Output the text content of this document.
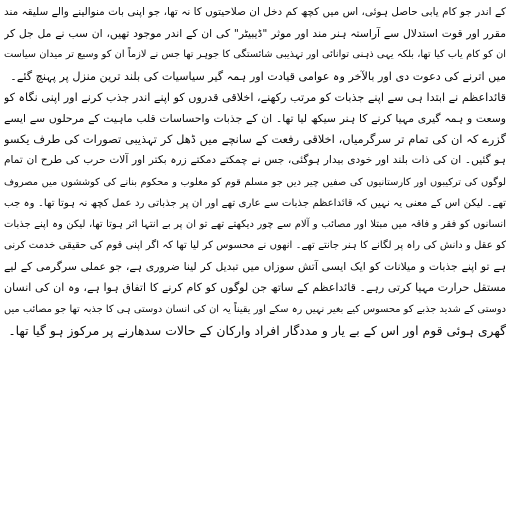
کے اندر جو کام یابی حاصل ہوئی، اس میں کچھ کم دخل ان صلاحیتوں کا نہ تھا، جو اپنی بات منوالینے والے سلیقہ مند
مقرر اور قوت استدلال سے آراستہ ہنر مند اور موثر "ڈیبیٹر" کی ان کے اندر موجود تھیں، ان سب نے مل جل کر
ان کو کام یاب کیا تھا، بلکہ یہی ذہنی توانائی اور تہذیبی شائستگی کا جوہر تھا جس نے لازماً ان کو وسیع تر میدان سیاست
میں اترنے کی دعوت دی اور بالآخر وہ عوامی قیادت اور ہمہ گیر سیاسیات کی بلند ترین منزل پر پہنچ گئے۔
قائداعظم نے ابتدا ہی سے اپنے جذبات کو مرتب رکھنے، اخلاقی قدروں کو اپنے اندر جذب کرنے اور اپنی نگاہ کو
وسعت و ہمہ گیری مہیا کرنے کا ہنر سیکھ لیا تھا۔ ان کے جذبات واحساسات قلب ماہیت کے مرحلوں سے ایسے
گزرے کہ ان کی تمام تر سرگرمیاں، اخلاقی رفعت کے سانچے میں ڈھل کر تہذیبی تصورات کی طرف یکسو
ہو گئیں۔ ان کی ذات بلند اور خودی بیدار ہوگئی، جس نے چمکتے دمکتے زرہ بکتر اور آلات حرب کی طرح ان تمام
لوگوں کی ترکیبوں اور کارستانیوں کی صفیں چیر دیں جو مسلم قوم کو مغلوب و محکوم بنانے کی کوششوں میں مصروف
تھے۔ لیکن اس کے معنی یہ نہیں کہ قائداعظم جذبات سے عاری تھے اور ان پر جذباتی رد عمل کچھ نہ ہوتا تھا۔ وہ جب
انسانوں کو فقر و فاقہ میں مبتلا اور مصائب و آلام سے چور دیکھتے تھے تو ان پر بے انتہا اثر ہوتا تھا، لیکن وہ اپنے جذبات
کو عقل و دانش کی راہ پر لگانے کا ہنر جانتے تھے۔ انھوں نے محسوس کر لیا تھا کہ اگر اپنی قوم کی حقیقی خدمت کرنی
ہے تو اپنے جذبات و میلانات کو ایک ایسی آتش سوزاں میں تبدیل کر لینا ضروری ہے، جو عملی سرگرمی کے لیے
مستقل حرارت مہیا کرتی رہے۔ قائداعظم کے ساتھ جن لوگوں کو کام کرنے کا اتفاق ہوا ہے، وہ ان کی انسان
دوستی کے شدید جذبے کو محسوس کیے بغیر نہیں رہ سکے اور یقیناً یہ ان کی انسان دوستی ہی کا جذبہ تھا جو مصائب میں
گھری ہوئی قوم اور اس کے بے یار و مددگار افراد وارکان کے حالات سدھارنے پر مرکوز ہو گیا تھا۔
